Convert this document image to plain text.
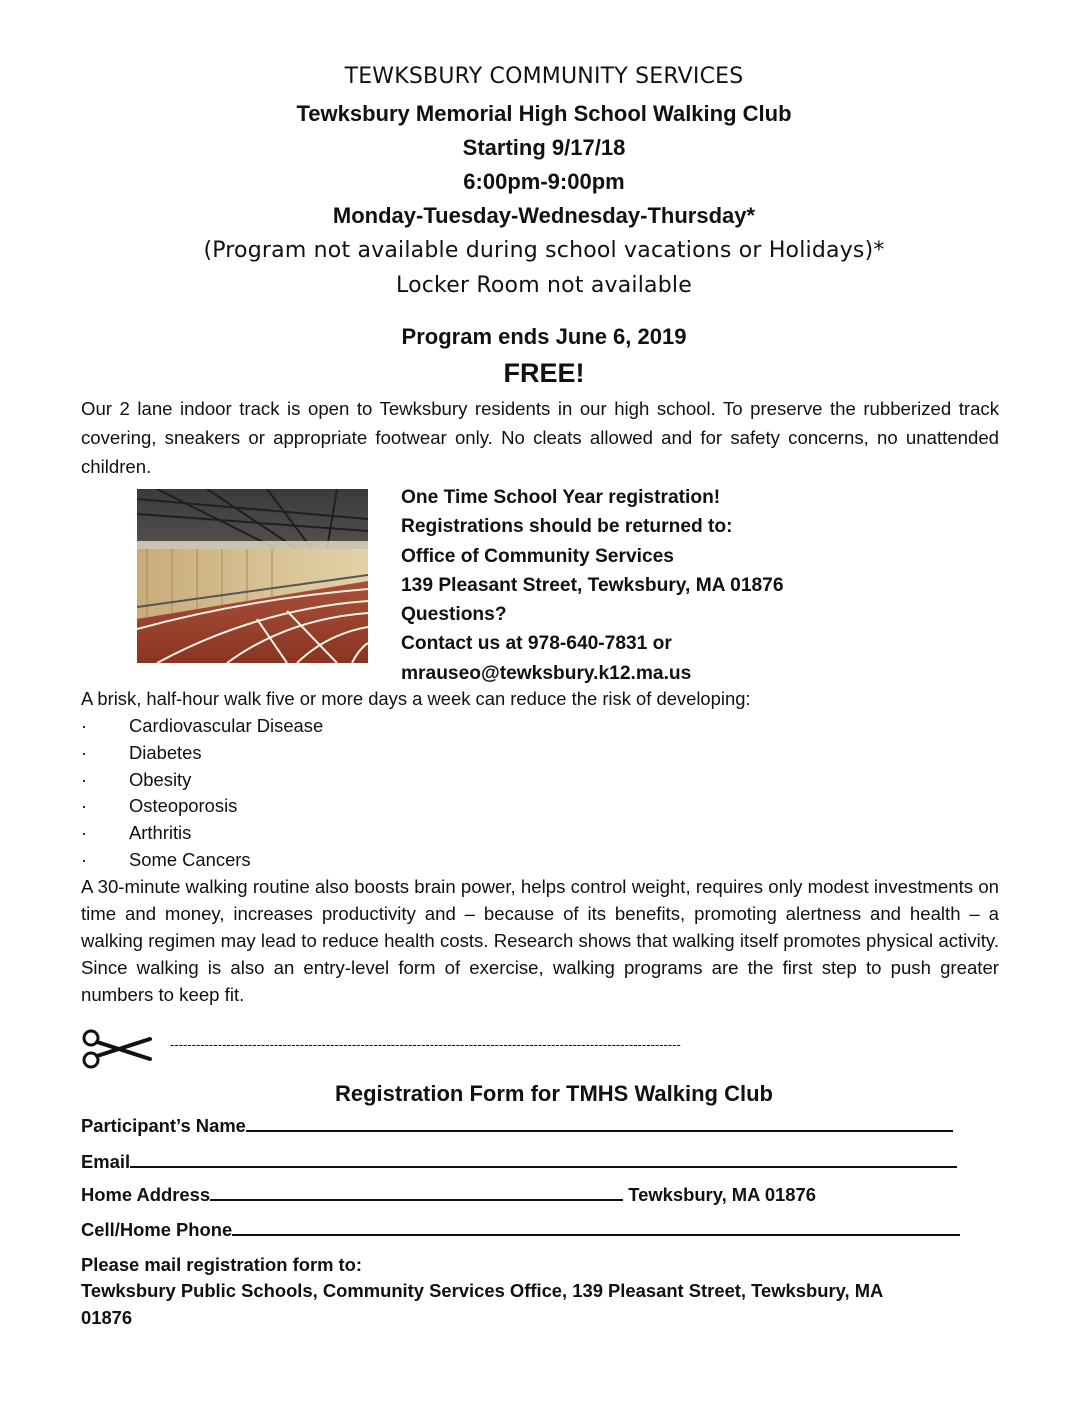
TEWKSBURY COMMUNITY SERVICES
Tewksbury Memorial High School Walking Club
Starting 9/17/18
6:00pm-9:00pm
Monday-Tuesday-Wednesday-Thursday*
(Program not available during school vacations or Holidays)*
Locker Room not available
Program ends June 6, 2019
FREE!
Our 2 lane indoor track is open to Tewksbury residents in our high school. To preserve the rubberized track covering, sneakers or appropriate footwear only. No cleats allowed and for safety concerns, no unattended children.
One Time School Year registration!
Registrations should be returned to:
Office of Community Services
139 Pleasant Street, Tewksbury, MA 01876
Questions?
Contact us at 978-640-7831 or
mrauseo@tewksbury.k12.ma.us
A brisk, half-hour walk five or more days a week can reduce the risk of developing:
· Cardiovascular Disease
· Diabetes
· Obesity
· Osteoporosis
· Arthritis
· Some Cancers
A 30-minute walking routine also boosts brain power, helps control weight, requires only modest investments on time and money, increases productivity and – because of its benefits, promoting alertness and health – a walking regimen may lead to reduce health costs. Research shows that walking itself promotes physical activity. Since walking is also an entry-level form of exercise, walking programs are the first step to push greater numbers to keep fit.
----------------------------------------------------------------------------------------------------------------------
Registration Form for TMHS Walking Club
Participant’s Name
Email
Home Address	Tewksbury, MA 01876
Cell/Home Phone
Please mail registration form to:
Tewksbury Public Schools, Community Services Office, 139 Pleasant Street, Tewksbury, MA
01876
